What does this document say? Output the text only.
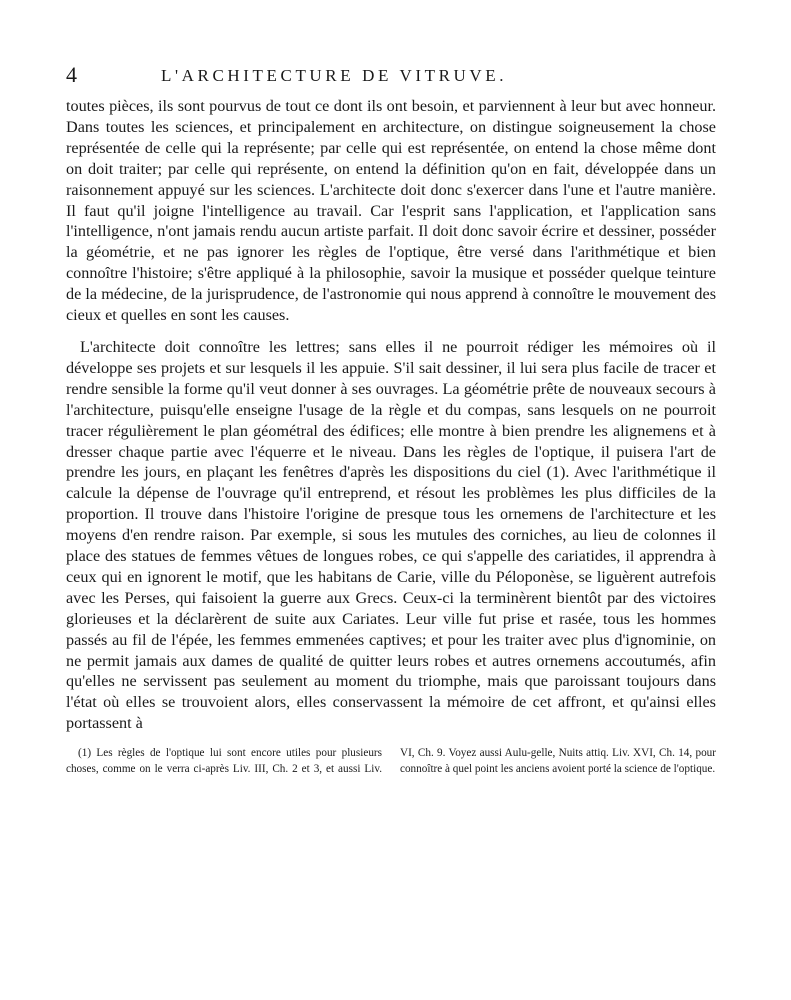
4	L'ARCHITECTURE DE VITRUVE.

toutes pièces, ils sont pourvus de tout ce dont ils ont besoin, et parviennent à leur but avec honneur. Dans toutes les sciences, et principalement en architecture, on distingue soigneusement la chose représentée de celle qui la représente; par celle qui est représentée, on entend la chose même dont on doit traiter; par celle qui représente, on entend la définition qu'on en fait, développée dans un raisonnement appuyé sur les sciences. L'architecte doit donc s'exercer dans l'une et l'autre manière. Il faut qu'il joigne l'intelligence au travail. Car l'esprit sans l'application, et l'application sans l'intelligence, n'ont jamais rendu aucun artiste parfait. Il doit donc savoir écrire et dessiner, posséder la géométrie, et ne pas ignorer les règles de l'optique, être versé dans l'arithmétique et bien connoître l'histoire; s'être appliqué à la philosophie, savoir la musique et posséder quelque teinture de la médecine, de la jurisprudence, de l'astronomie qui nous apprend à connoître le mouvement des cieux et quelles en sont les causes.

L'architecte doit connoître les lettres; sans elles il ne pourroit rédiger les mémoires où il développe ses projets et sur lesquels il les appuie. S'il sait dessiner, il lui sera plus facile de tracer et rendre sensible la forme qu'il veut donner à ses ouvrages. La géométrie prête de nouveaux secours à l'architecture, puisqu'elle enseigne l'usage de la règle et du compas, sans lesquels on ne pourroit tracer régulièrement le plan géométral des édifices; elle montre à bien prendre les alignemens et à dresser chaque partie avec l'équerre et le niveau. Dans les règles de l'optique, il puisera l'art de prendre les jours, en plaçant les fenêtres d'après les dispositions du ciel (1). Avec l'arithmétique il calcule la dépense de l'ouvrage qu'il entreprend, et résout les problèmes les plus difficiles de la proportion. Il trouve dans l'histoire l'origine de presque tous les ornemens de l'architecture et les moyens d'en rendre raison. Par exemple, si sous les mutules des corniches, au lieu de colonnes il place des statues de femmes vêtues de longues robes, ce qui s'appelle des cariatides, il apprendra à ceux qui en ignorent le motif, que les habitans de Carie, ville du Péloponèse, se liguèrent autrefois avec les Perses, qui faisoient la guerre aux Grecs. Ceux-ci la terminèrent bientôt par des victoires glorieuses et la déclarèrent de suite aux Cariates. Leur ville fut prise et rasée, tous les hommes passés au fil de l'épée, les femmes emmenées captives; et pour les traiter avec plus d'ignominie, on ne permit jamais aux dames de qualité de quitter leurs robes et autres ornemens accoutumés, afin qu'elles ne servissent pas seulement au moment du triomphe, mais que paroissant toujours dans l'état où elles se trouvoient alors, elles conservassent la mémoire de cet affront, et qu'ainsi elles portassent à

(1) Les règles de l'optique lui sont encore utiles pour plusieurs choses, comme on le verra ci-après Liv. III, Ch. 2 et 3, et aussi Liv. VI, Ch. 9. Voyez aussi Aulu-gelle, Nuits attiq. Liv. XVI, Ch. 14, pour connoître à quel point les anciens avoient porté la science de l'optique.
